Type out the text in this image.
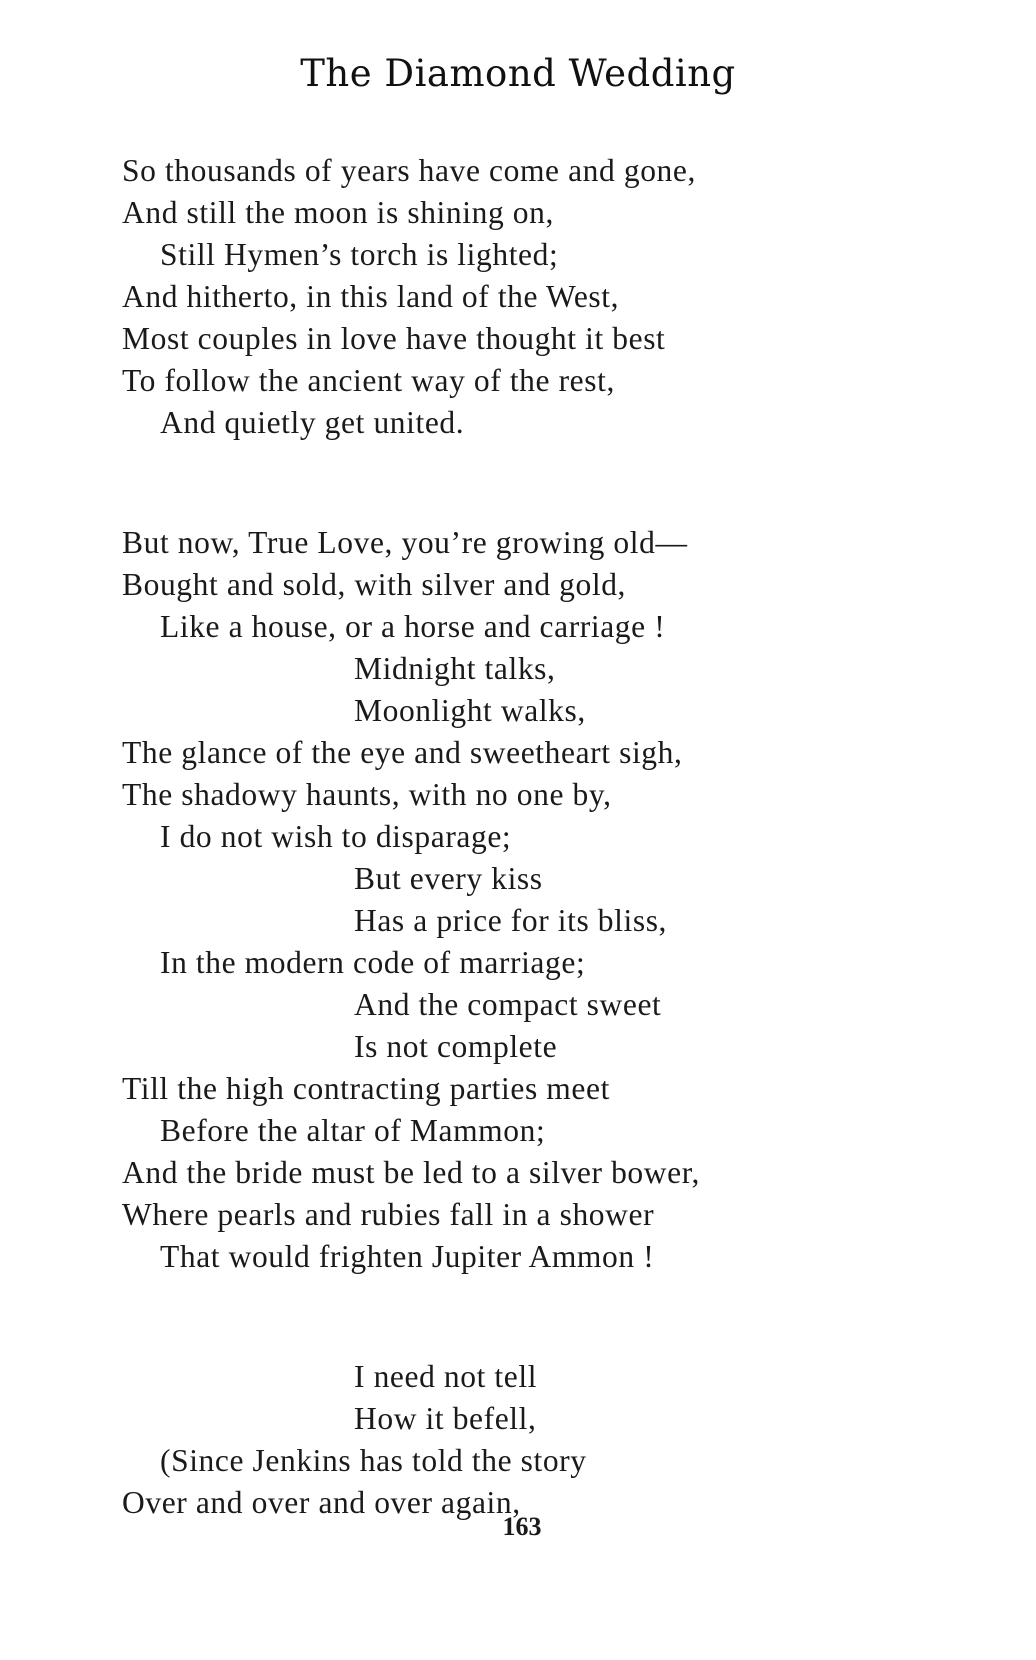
The Diamond Wedding
So thousands of years have come and gone,
And still the moon is shining on,
Still Hymen’s torch is lighted;
And hitherto, in this land of the West,
Most couples in love have thought it best
To follow the ancient way of the rest,
And quietly get united.
But now, True Love, you’re growing old—
Bought and sold, with silver and gold,
Like a house, or a horse and carriage !
Midnight talks,
Moonlight walks,
The glance of the eye and sweetheart sigh,
The shadowy haunts, with no one by,
I do not wish to disparage;
But every kiss
Has a price for its bliss,
In the modern code of marriage;
And the compact sweet
Is not complete
Till the high contracting parties meet
Before the altar of Mammon;
And the bride must be led to a silver bower,
Where pearls and rubies fall in a shower
That would frighten Jupiter Ammon !
I need not tell
How it befell,
(Since Jenkins has told the story
Over and over and over again,
163
